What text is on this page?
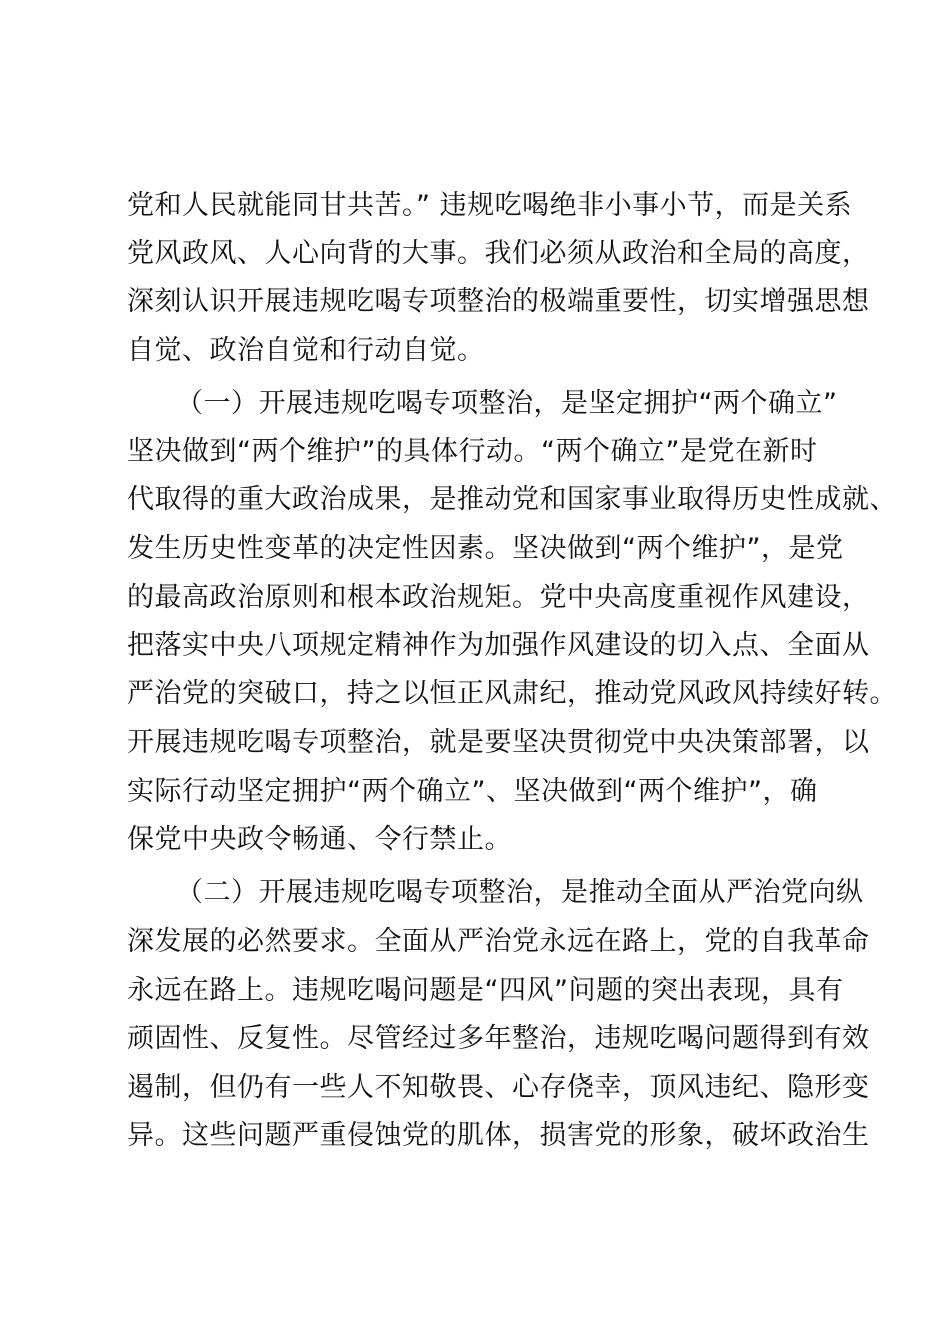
党和人民就能同甘共苦。” 违规吃喝绝非小事小节，而是关系
党风政风、人心向背的大事。我们必须从政治和全局的高度，
深刻认识开展违规吃喝专项整治的极端重要性，切实增强思想
自觉、政治自觉和行动自觉。
（一）开展违规吃喝专项整治，是坚定拥护“两个确立”
坚决做到“两个维护”的具体行动。“两个确立”是党在新时
代取得的重大政治成果，是推动党和国家事业取得历史性成就、
发生历史性变革的决定性因素。坚决做到“两个维护”，是党
的最高政治原则和根本政治规矩。党中央高度重视作风建设，
把落实中央八项规定精神作为加强作风建设的切入点、全面从
严治党的突破口，持之以恒正风肃纪，推动党风政风持续好转。
开展违规吃喝专项整治，就是要坚决贯彻党中央决策部署，以
实际行动坚定拥护“两个确立”、坚决做到“两个维护”，确
保党中央政令畅通、令行禁止。
（二）开展违规吃喝专项整治，是推动全面从严治党向纵
深发展的必然要求。全面从严治党永远在路上，党的自我革命
永远在路上。违规吃喝问题是“四风”问题的突出表现，具有
顽固性、反复性。尽管经过多年整治，违规吃喝问题得到有效
遏制，但仍有一些人不知敬畏、心存侥幸，顶风违纪、隐形变
异。这些问题严重侵蚀党的肌体，损害党的形象，破坏政治生
